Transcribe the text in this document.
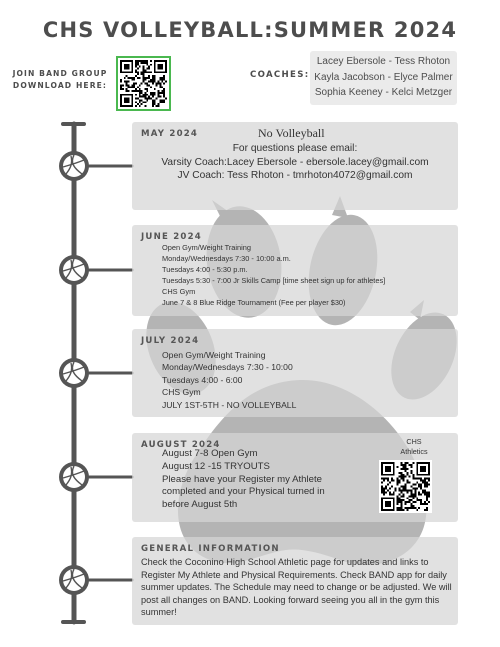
CHS VOLLEYBALL:SUMMER 2024
JOIN BAND GROUP
DOWNLOAD HERE:
COACHES:
Lacey Ebersole - Tess Rhoton
Kayla Jacobson - Elyce Palmer
Sophia Keeney - Kelci Metzger
MAY 2024	No Volleyball
For questions please email:
Varsity Coach:Lacey Ebersole - ebersole.lacey@gmail.com
JV Coach: Tess Rhoton - tmrhoton4072@gmail.com
JUNE 2024
Open Gym/Weight Training
Monday/Wednesdays 7:30 - 10:00 a.m.
Tuesdays 4:00 - 5:30 p.m.
Tuesdays 5:30 - 7:00 Jr Skills Camp [time sheet sign up for athletes]
CHS Gym
June 7 & 8 Blue Ridge Tournament (Fee per player $30)
JULY 2024
Open Gym/Weight Training
Monday/Wednesdays 7:30 - 10:00
Tuesdays 4:00 - 6:00
CHS Gym
JULY 1ST-5TH - NO VOLLEYBALL
AUGUST 2024
August 7-8 Open Gym
August 12 -15 TRYOUTS
Please have your Register my Athlete completed and your Physical turned in before August 5th
CHS
Athletics
GENERAL INFORMATION
Check the Coconino High School Athletic page for updates and links to Register My Athlete and Physical Requirements. Check BAND app for daily summer updates. The Schedule may need to change or be adjusted. We will post all changes on BAND. Looking forward seeing you all in the gym this summer!
